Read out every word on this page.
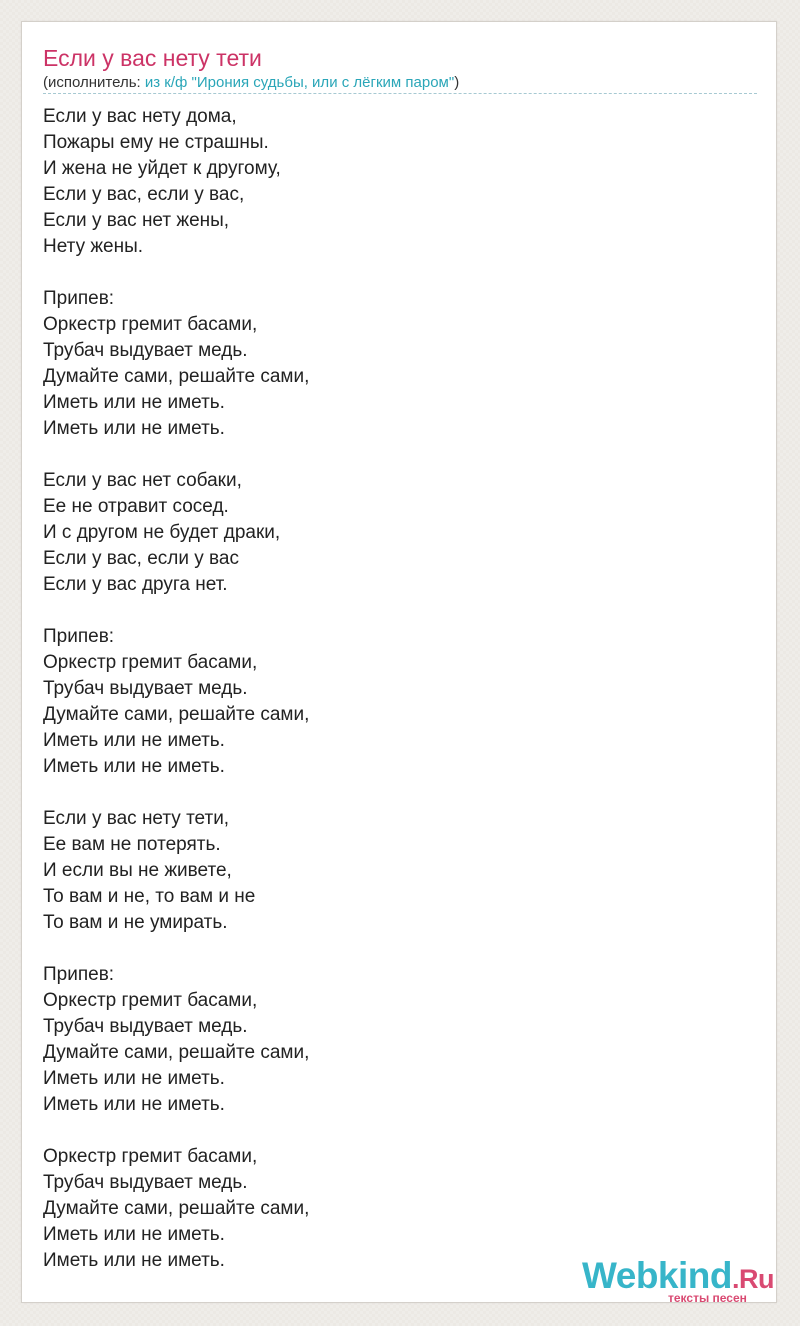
Если у вас нету тети
(исполнитель: из к/ф "Ирония судьбы, или с лёгким паром")
Если у вас нету дома,
Пожары ему не страшны.
И жена не уйдет к другому,
Если у вас, если у вас,
Если у вас нет жены,
Нету жены.
Припев:
Оркестр гремит басами,
Трубач выдувает медь.
Думайте сами, решайте сами,
Иметь или не иметь.
Иметь или не иметь.
Если у вас нет собаки,
Ее не отравит сосед.
И с другом не будет драки,
Если у вас, если у вас
Если у вас друга нет.
Припев:
Оркестр гремит басами,
Трубач выдувает медь.
Думайте сами, решайте сами,
Иметь или не иметь.
Иметь или не иметь.
Если у вас нету тети,
Ее вам не потерять.
И если вы не живете,
То вам и не, то вам и не
То вам и не умирать.
Припев:
Оркестр гремит басами,
Трубач выдувает медь.
Думайте сами, решайте сами,
Иметь или не иметь.
Иметь или не иметь.
Оркестр гремит басами,
Трубач выдувает медь.
Думайте сами, решайте сами,
Иметь или не иметь.
Иметь или не иметь.	Webkind.Ru
тексты песен
